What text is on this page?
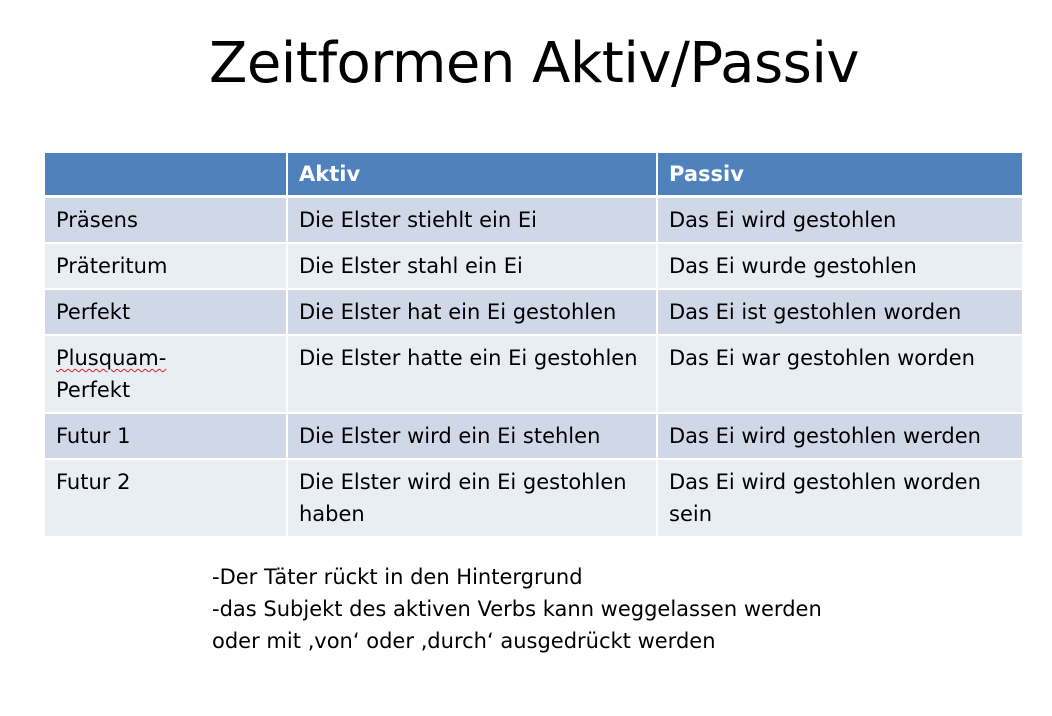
Zeitformen Aktiv/Passiv
	Aktiv	Passiv
Präsens	Die Elster stiehlt ein Ei	Das Ei wird gestohlen
Präteritum	Die Elster stahl ein Ei	Das Ei wurde gestohlen
Perfekt	Die Elster hat ein Ei gestohlen	Das Ei ist gestohlen worden
Plusquam-
Perfekt	Die Elster hatte ein Ei gestohlen	Das Ei war gestohlen worden
Futur 1	Die Elster wird ein Ei stehlen	Das Ei wird gestohlen werden
Futur 2	Die Elster wird ein Ei gestohlen haben	Das Ei wird gestohlen worden sein
-Der Täter rückt in den Hintergrund
-das Subjekt des aktiven Verbs kann weggelassen werden
oder mit ‚von‘ oder ‚durch‘ ausgedrückt werden
